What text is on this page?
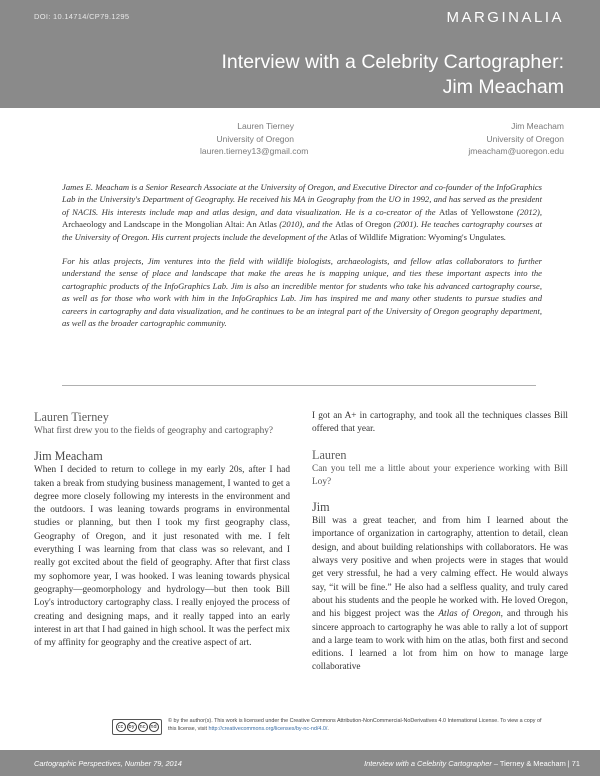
DOI: 10.14714/CP79.1295	MARGINALIA
Interview with a Celebrity Cartographer:
Jim Meacham
Lauren Tierney
University of Oregon
lauren.tierney13@gmail.com
Jim Meacham
University of Oregon
jmeacham@uoregon.edu

James E. Meacham is a Senior Research Associate at the University of Oregon, and Executive Director and co-founder of the InfoGraphics Lab in the University's Department of Geography. He received his MA in Geography from the UO in 1992, and has served as the president of NACIS. His interests include map and atlas design, and data visualization. He is a co-creator of the Atlas of Yellowstone (2012), Archaeology and Landscape in the Mongolian Altai: An Atlas (2010), and the Atlas of Oregon (2001). He teaches cartography courses at the University of Oregon. His current projects include the development of the Atlas of Wildlife Migration: Wyoming's Ungulates.

For his atlas projects, Jim ventures into the field with wildlife biologists, archaeologists, and fellow atlas collaborators to further understand the sense of place and landscape that make the areas he is mapping unique, and ties these important aspects into the cartographic products of the InfoGraphics Lab. Jim is also an incredible mentor for students who take his advanced cartography course, as well as for those who work with him in the InfoGraphics Lab. Jim has inspired me and many other students to pursue studies and careers in cartography and data visualization, and he continues to be an integral part of the University of Oregon geography department, as well as the broader cartographic community.

Lauren Tierney

What first drew you to the fields of geography and cartography?

Jim Meacham

When I decided to return to college in my early 20s, after I had taken a break from studying business management, I wanted to get a degree more closely following my interests in the environment and the outdoors. I was leaning towards programs in environmental studies or planning, but then I took my first geography class, Geography of Oregon, and it just resonated with me. I felt everything I was learning from that class was so relevant, and I really got excited about the field of geography. After that first class my sophomore year, I was hooked. I was leaning towards physical geography—geomorphology and hydrology—but then took Bill Loy's introductory cartography class. I really enjoyed the process of creating and designing maps, and it really tapped into an early interest in art that I had gained in high school. It was the perfect mix of my affinity for geography and the creative aspect of art.

I got an A+ in cartography, and took all the techniques classes Bill offered that year.

Lauren

Can you tell me a little about your experience working with Bill Loy?

Jim

Bill was a great teacher, and from him I learned about the importance of organization in cartography, attention to detail, clean design, and about building relationships with collaborators. He was always very positive and when projects were in stages that would get very stressful, he had a very calming effect. He would always say, “it will be fine.” He also had a selfless quality, and truly cared about his students and the people he worked with. He loved Oregon, and his biggest project was the Atlas of Oregon, and through his sincere approach to cartography he was able to rally a lot of support and a large team to work with him on the atlas, both first and second editions. I learned a lot from him on how to manage large collaborative

cc	by nc nd
© by the author(s). This work is licensed under the Creative Commons Attribution-NonCommercial-NoDerivatives 4.0 International License. To view a copy of this license, visit http://creativecommons.org/licenses/by-nc-nd/4.0/.
Cartographic Perspectives, Number 79, 2014	Interview with a Celebrity Cartographer – Tierney & Meacham | 71
